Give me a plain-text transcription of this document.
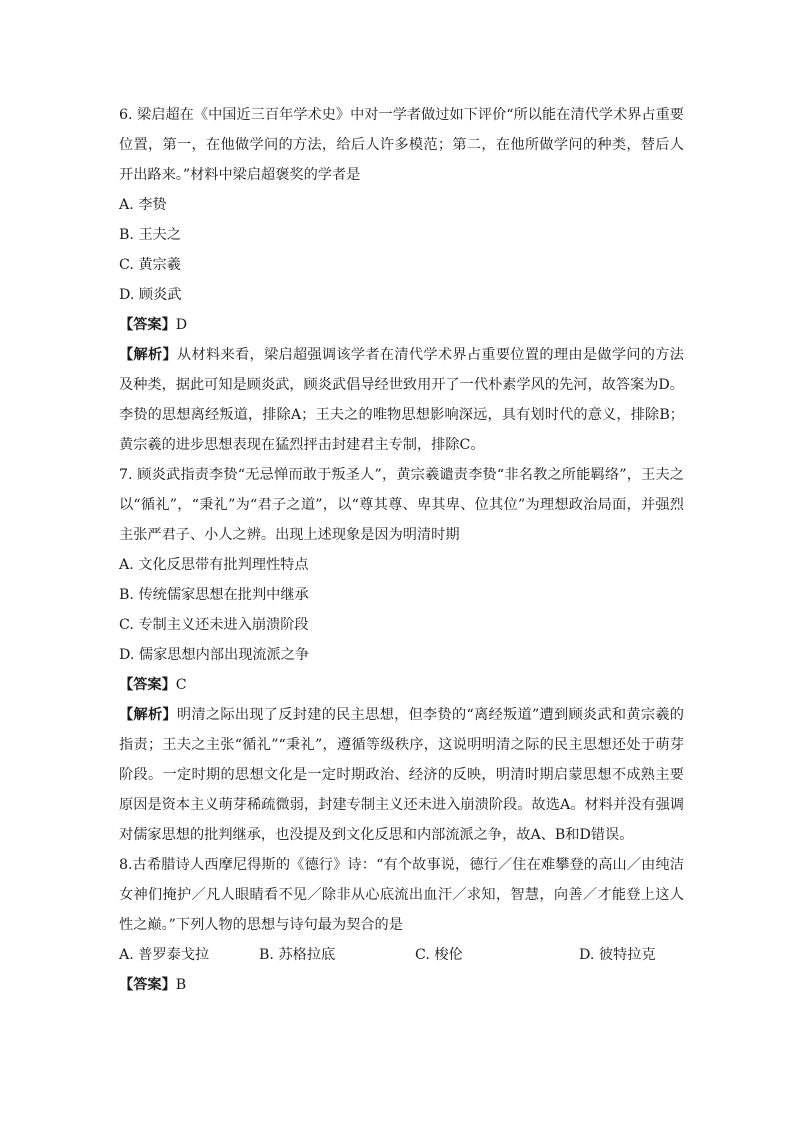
6. 梁启超在《中国近三百年学术史》中对一学者做过如下评价“所以能在清代学术界占重要位置，第一，在他做学问的方法，给后人许多模范；第二，在他所做学问的种类，替后人开出路来。”材料中梁启超褒奖的学者是

A. 李贽

B. 王夫之

C. 黄宗羲

D. 顾炎武

【答案】D

【解析】从材料来看，梁启超强调该学者在清代学术界占重要位置的理由是做学问的方法及种类，据此可知是顾炎武，顾炎武倡导经世致用开了一代朴素学风的先河，故答案为D。李贽的思想离经叛道，排除A；王夫之的唯物思想影响深远，具有划时代的意义，排除B；黄宗羲的进步思想表现在猛烈抨击封建君主专制，排除C。

7. 顾炎武指责李贽“无忌惮而敢于叛圣人”，黄宗羲谴责李贽“非名教之所能羁络”，王夫之以“循礼”，“秉礼”为“君子之道”，以“尊其尊、卑其卑、位其位”为理想政治局面，并强烈主张严君子、小人之辨。出现上述现象是因为明清时期

A. 文化反思带有批判理性特点

B. 传统儒家思想在批判中继承

C. 专制主义还未进入崩溃阶段

D. 儒家思想内部出现流派之争

【答案】C

【解析】明清之际出现了反封建的民主思想，但李贽的“离经叛道”遭到顾炎武和黄宗羲的指责；王夫之主张“循礼”“秉礼”，遵循等级秩序，这说明明清之际的民主思想还处于萌芽阶段。一定时期的思想文化是一定时期政治、经济的反映，明清时期启蒙思想不成熟主要原因是资本主义萌芽稀疏微弱，封建专制主义还未进入崩溃阶段。故选A。材料并没有强调对儒家思想的批判继承，也没提及到文化反思和内部流派之争，故A、B和D错误。

8.古希腊诗人西摩尼得斯的《德行》诗：“有个故事说，德行／住在难攀登的高山／由纯洁女神们掩护／凡人眼睛看不见／除非从心底流出血汗／求知，智慧，向善／才能登上这人性之巅。”下列人物的思想与诗句最为契合的是

A. 普罗泰戈拉	B. 苏格拉底	C. 梭伦	D. 彼特拉克

【答案】B
